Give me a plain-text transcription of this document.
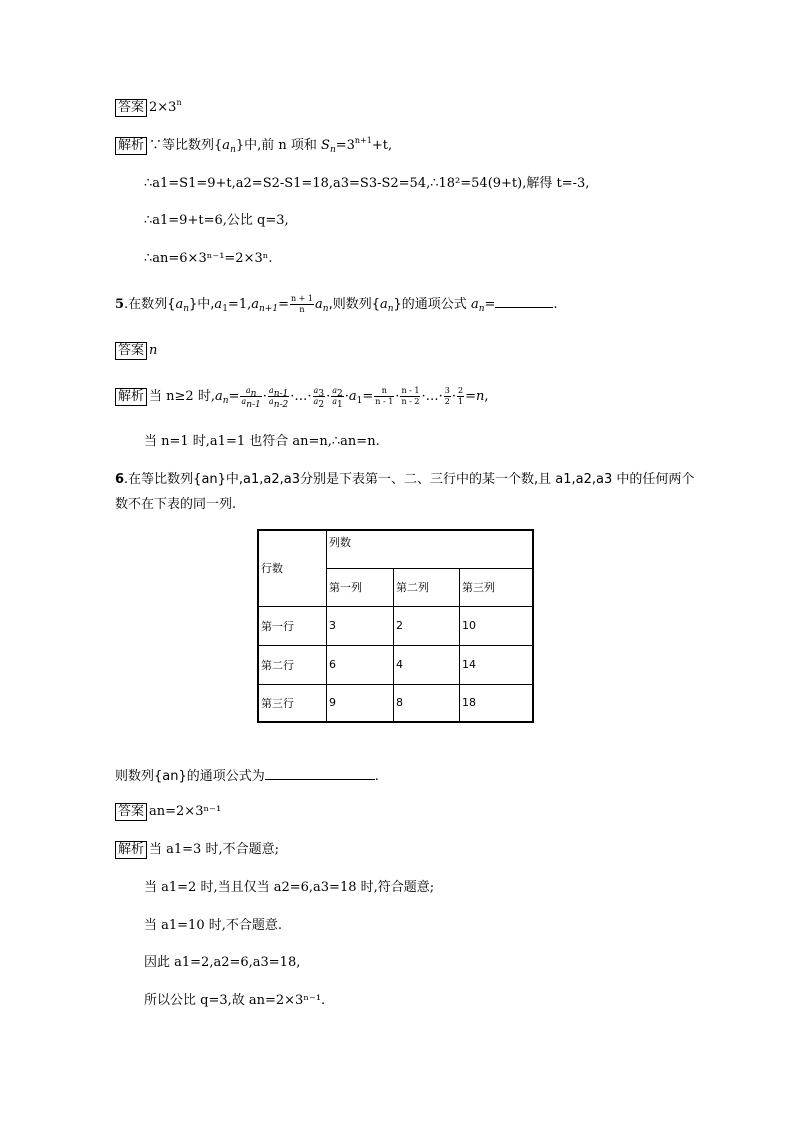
答案 $2\times 3^n$
解析 ∵等比数列$\{a_n\}$中,前 n 项和 $S_n=3^{n+1}+t$,
∴a1=S1=9+t,a2=S2-S1=18,a3=S3-S2=54,∴18²=54(9+t),解得 t=-3,
∴a1=9+t=6,公比 q=3,
∴an=6×3ⁿ⁻¹=2×3ⁿ.
5.在数列$\{a_n\}$中$,a_1=1,a_{n+1}= \frac{n + 1}{n} a_n$,则数列$\{a_n\}$的通项公式 $a_n=$	.
答案 n
解析 当 n≥2 时$,a_n= \frac{a_n}{a_{n-1}} \cdot \frac{a_{n-1}}{a_{n-2}}$ ·…· $\frac{a_3}{a_2} \cdot \frac{a_2}{a_1} \cdot a_1= \frac{n}{n - 1} \cdot \frac{n - 1}{n - 2}$ ·…· $\frac{3}{2} \cdot \frac{2}{1} =n$,
当 n=1 时,a1=1 也符合 an=n,∴an=n.
6.在等比数列{an}中,a1,a2,a3分别是下表第一、二、三行中的某一个数,且 a1,a2,a3 中的任何两个
数不在下表的同一列.
行数	列数		
	第一列	第二列	第三列
第一行	3	2	10
第二行	6	4	14
第三行	9	8	18
则数列{an}的通项公式为	.
答案 an=2×3ⁿ⁻¹
解析 当 a1=3 时,不合题意;
当 a1=2 时,当且仅当 a2=6,a3=18 时,符合题意;
当 a1=10 时,不合题意.
因此 a1=2,a2=6,a3=18,
所以公比 q=3,故 an=2×3ⁿ⁻¹.
